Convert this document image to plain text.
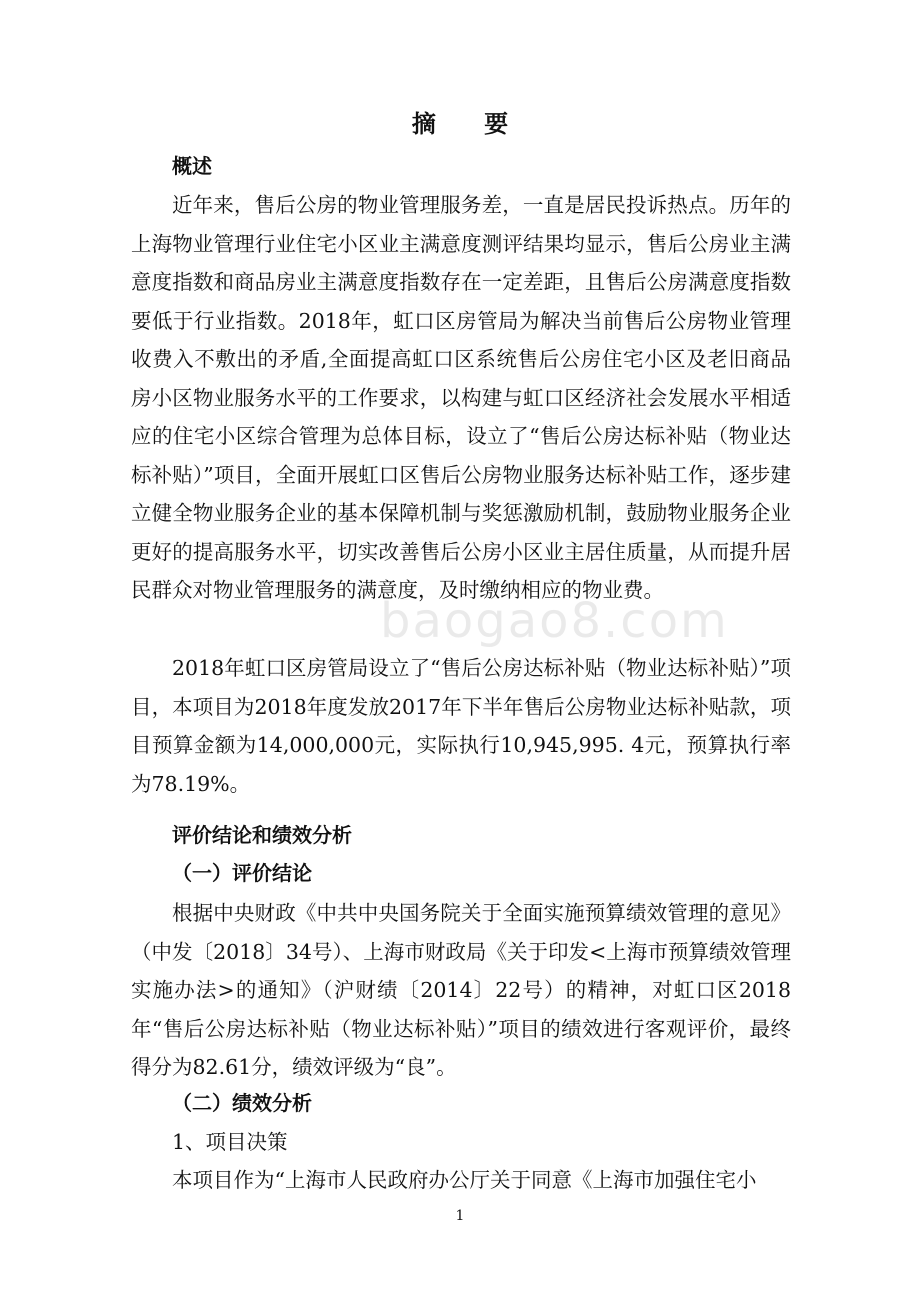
摘 要
概述
近年来，售后公房的物业管理服务差，一直是居民投诉热点。历年的上海物业管理行业住宅小区业主满意度测评结果均显示，售后公房业主满意度指数和商品房业主满意度指数存在一定差距，且售后公房满意度指数要低于行业指数。2018年，虹口区房管局为解决当前售后公房物业管理收费入不敷出的矛盾,全面提高虹口区系统售后公房住宅小区及老旧商品房小区物业服务水平的工作要求，以构建与虹口区经济社会发展水平相适应的住宅小区综合管理为总体目标，设立了“售后公房达标补贴（物业达标补贴）”项目，全面开展虹口区售后公房物业服务达标补贴工作，逐步建立健全物业服务企业的基本保障机制与奖惩激励机制，鼓励物业服务企业更好的提高服务水平，切实改善售后公房小区业主居住质量，从而提升居民群众对物业管理服务的满意度，及时缴纳相应的物业费。
2018年虹口区房管局设立了“售后公房达标补贴（物业达标补贴）”项目，本项目为2018年度发放2017年下半年售后公房物业达标补贴款，项目预算金额为14,000,000元，实际执行10,945,995. 4元，预算执行率为78.19%。
评价结论和绩效分析
（一）评价结论
根据中央财政《中共中央国务院关于全面实施预算绩效管理的意见》（中发〔2018〕34号）、上海市财政局《关于印发<上海市预算绩效管理实施办法>的通知》（沪财绩〔2014〕22号）的精神，对虹口区2018年“售后公房达标补贴（物业达标补贴）”项目的绩效进行客观评价，最终得分为82.61分，绩效评级为“良”。
（二）绩效分析
1、项目决策
本项目作为“上海市人民政府办公厅关于同意《上海市加强住宅小
baogao8.com
1
